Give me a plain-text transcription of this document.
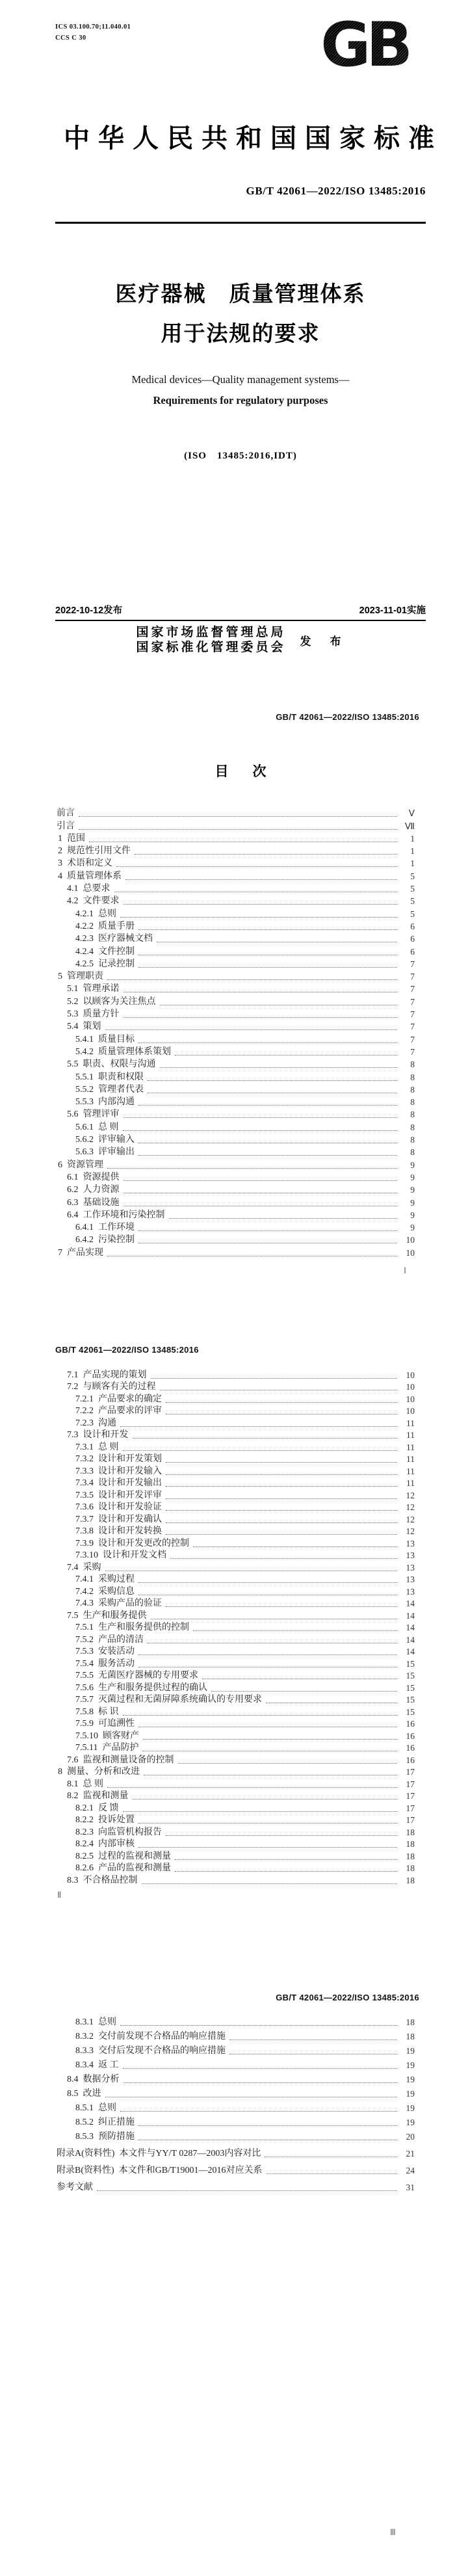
ICS 03.100.70;11.040.01
CCS C 30	GB
中华人民共和国国家标准
GB/T 42061—2022/ISO 13485:2016
医疗器械　质量管理体系
用于法规的要求
Medical devices—Quality management systems—
Requirements for regulatory purposes
(ISO　13485:2016,IDT)
2022-10-12发布	2023-11-01实施
国家市场监督管理总局
国家标准化管理委员会 发　布
GB/T 42061—2022/ISO 13485:2016
目　次
前言	Ⅴ
引言	Ⅶ
1  范围	1
2  规范性引用文件	1
3  术语和定义	1
4  质量管理体系	5
4.1  总要求	5
4.2  文件要求	5
4.2.1  总则	5
4.2.2  质量手册	6
4.2.3  医疗器械文档	6
4.2.4  文件控制	6
4.2.5  记录控制	7
5  管理职责	7
5.1  管理承诺	7
5.2  以顾客为关注焦点	7
5.3  质量方针	7
5.4  策划	7
5.4.1  质量目标	7
5.4.2  质量管理体系策划	7
5.5  职责、权限与沟通	8
5.5.1  职责和权限	8
5.5.2  管理者代表	8
5.5.3  内部沟通	8
5.6  管理评审	8
5.6.1  总 则	8
5.6.2  评审输入	8
5.6.3  评审输出	8
6  资源管理	9
6.1  资源提供	9
6.2  人力资源	9
6.3  基础设施	9
6.4  工作环境和污染控制	9
6.4.1  工作环境	9
6.4.2  污染控制	10
7  产品实现	10
Ⅰ
GB/T 42061—2022/ISO 13485:2016
7.1  产品实现的策划	10
7.2  与顾客有关的过程	10
7.2.1  产品要求的确定	10
7.2.2  产品要求的评审	10
7.2.3  沟通	11
7.3  设计和开发	11
7.3.1  总 则	11
7.3.2  设计和开发策划	11
7.3.3  设计和开发输入	11
7.3.4  设计和开发输出	11
7.3.5  设计和开发评审	12
7.3.6  设计和开发验证	12
7.3.7  设计和开发确认	12
7.3.8  设计和开发转换	12
7.3.9  设计和开发更改的控制	13
7.3.10  设计和开发文档	13
7.4  采购	13
7.4.1  采购过程	13
7.4.2  采购信息	13
7.4.3  采购产品的验证	14
7.5  生产和服务提供	14
7.5.1  生产和服务提供的控制	14
7.5.2  产品的清洁	14
7.5.3  安装活动	14
7.5.4  服务活动	15
7.5.5  无菌医疗器械的专用要求	15
7.5.6  生产和服务提供过程的确认	15
7.5.7  灭菌过程和无菌屏障系统确认的专用要求	15
7.5.8  标 识	15
7.5.9  可追溯性	16
7.5.10  顾客财产	16
7.5.11  产品防护	16
7.6  监视和测量设备的控制	16
8  测量、分析和改进	17
8.1  总 则	17
8.2  监视和测量	17
8.2.1  反 馈	17
8.2.2  投诉处置	17
8.2.3  向监管机构报告	18
8.2.4  内部审核	18
8.2.5  过程的监视和测量	18
8.2.6  产品的监视和测量	18
8.3  不合格品控制	18
Ⅱ
GB/T 42061—2022/ISO 13485:2016
8.3.1  总则	18
8.3.2  交付前发现不合格品的响应措施	18
8.3.3  交付后发现不合格品的响应措施	19
8.3.4  返 工	19
8.4  数据分析	19
8.5  改进	19
8.5.1  总则	19
8.5.2  纠正措施	19
8.5.3  预防措施	20
附录A(资料性)  本文件与YY/T 0287—2003内容对比	21
附录B(资料性)  本文件和GB/T19001—2016对应关系	24
参考文献	31
Ⅲ
